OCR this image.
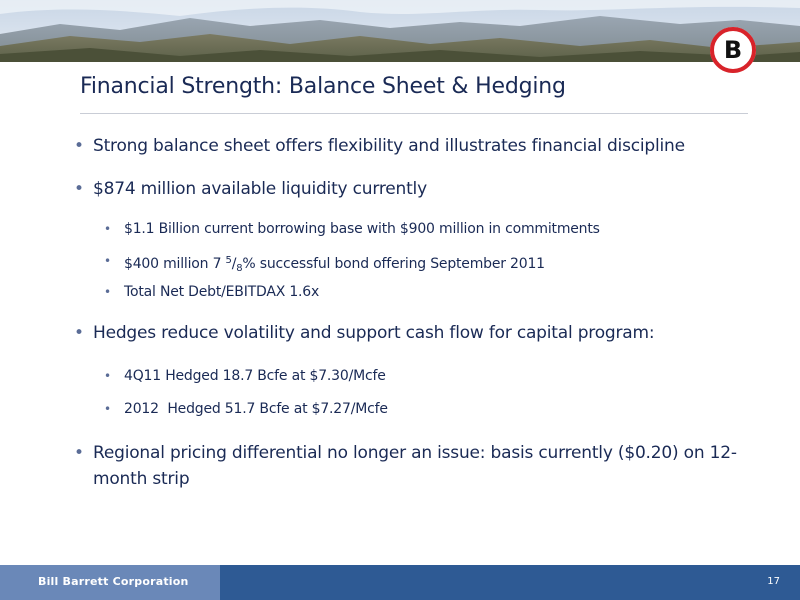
B
Financial Strength: Balance Sheet & Hedging
• Strong balance sheet offers flexibility and illustrates financial discipline
• $874 million available liquidity currently
• $1.1 Billion current borrowing base with $900 million in commitments
• $400 million 7 $^5/_8\%$ successful bond offering September 2011
• Total Net Debt/EBITDAX 1.6x
• Hedges reduce volatility and support cash flow for capital program:
• 4Q11 Hedged 18.7 Bcfe at $7.30/Mcfe
• 2012  Hedged 51.7 Bcfe at $7.27/Mcfe
• Regional pricing differential no longer an issue: basis currently ($0.20) on 12-month strip
Bill Barrett Corporation	17
